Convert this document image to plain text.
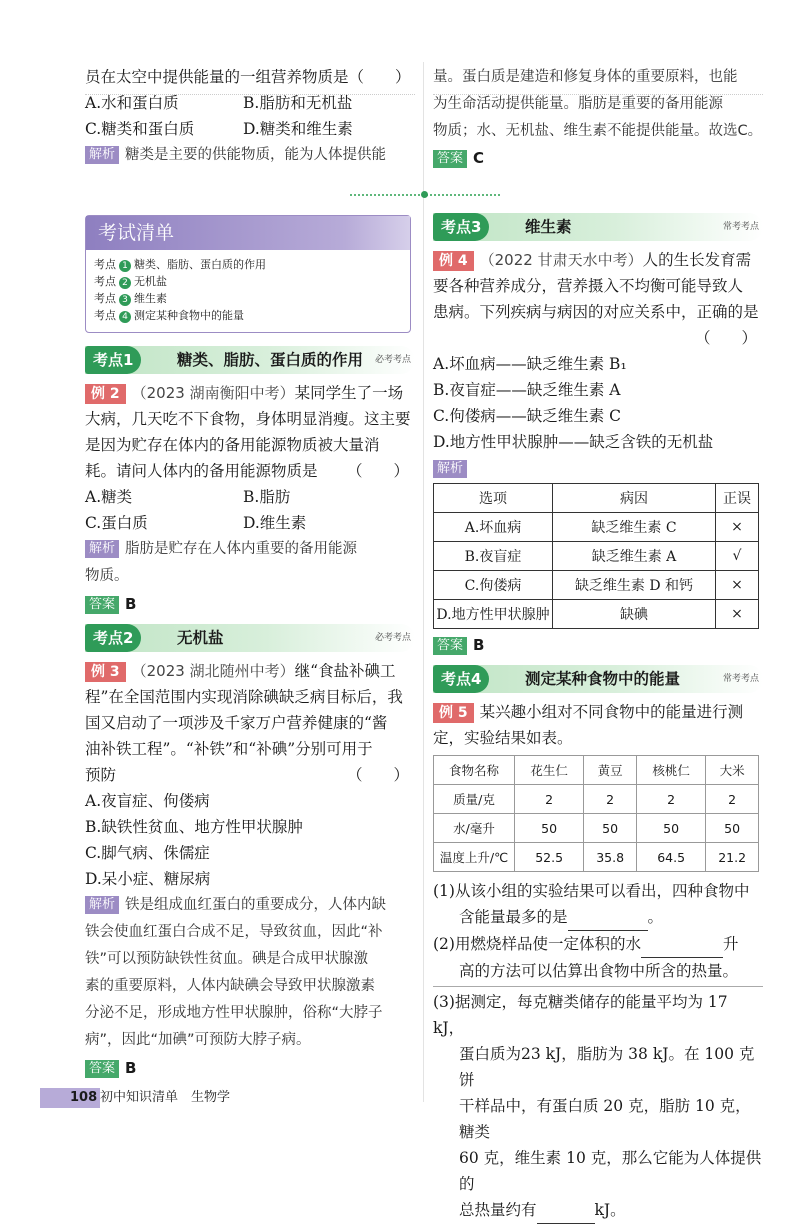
员在太空中提供能量的一组营养物质是（　　）

A.水和蛋白质	B.脂肪和无机盐
C.糖类和蛋白质	D.糖类和维生素
解析 糖类是主要的供能物质，能为人体提供能
量。蛋白质是建造和修复身体的重要原料，也能
为生命活动提供能量。脂肪是重要的备用能源
物质；水、无机盐、维生素不能提供能量。故选C。
答案 C
考试清单
考点 1 糖类、脂肪、蛋白质的作用
考点 2 无机盐
考点 3 维生素
考点 4 测定某种食物中的能量
考点1	糖类、脂肪、蛋白质的作用 必考考点

例 2 （2023 湖南衡阳中考）某同学生了一场

大病，几天吃不下食物，身体明显消瘦。这主要

是因为贮存在体内的备用能源物质被大量消

耗。请问人体内的备用能源物质是 （　　）

A.糖类	B.脂肪
C.蛋白质	D.维生素
解析 脂肪是贮存在人体内重要的备用能源
物质。
答案 B
考点2	无机盐	必考考点

例 3 （2023 湖北随州中考）继“食盐补碘工

程”在全国范围内实现消除碘缺乏病目标后，我

国又启动了一项涉及千家万户营养健康的“酱

油补铁工程”。“补铁”和“补碘”分别可用于

预防	（　　）

A.夜盲症、佝偻病

B.缺铁性贫血、地方性甲状腺肿

C.脚气病、侏儒症

D.呆小症、糖尿病

解析 铁是组成血红蛋白的重要成分，人体内缺
铁会使血红蛋白合成不足，导致贫血，因此“补
铁”可以预防缺铁性贫血。碘是合成甲状腺激
素的重要原料，人体内缺碘会导致甲状腺激素
分泌不足，形成地方性甲状腺肿，俗称“大脖子
病”，因此“加碘”可预防大脖子病。
答案 B
考点3	维生素	常考考点

例 4 （2022 甘肃天水中考）人的生长发育需

要各种营养成分，营养摄入不均衡可能导致人

患病。下列疾病与病因的对应关系中，正确的是

（　　）

A.坏血病——缺乏维生素 B₁

B.夜盲症——缺乏维生素 A

C.佝偻病——缺乏维生素 C

D.地方性甲状腺肿——缺乏含铁的无机盐

解析
选项	病因	正误
A.坏血病	缺乏维生素 C	×
B.夜盲症	缺乏维生素 A	√
C.佝偻病	缺乏维生素 D 和钙	×
D.地方性甲状腺肿	缺碘	×
答案 B
考点4	测定某种食物中的能量	常考考点

例 5 某兴趣小组对不同食物中的能量进行测

定，实验结果如表。

食物名称	花生仁	黄豆	核桃仁	大米
质量/克	2	2	2	2
水/毫升	50	50	50	50
温度上升/℃	52.5	35.8	64.5	21.2

(1)从该小组的实验结果可以看出，四种食物中

含能量最多的是	。

(2)用燃烧样品使一定体积的水	升

高的方法可以估算出食物中所含的热量。

(3)据测定，每克糖类储存的能量平均为 17 kJ，

蛋白质为23 kJ，脂肪为 38 kJ。在 100 克饼

干样品中，有蛋白质 20 克，脂肪 10 克，糖类

60 克，维生素 10 克，那么它能为人体提供的

总热量约有	kJ。

108 初中知识清单　生物学
